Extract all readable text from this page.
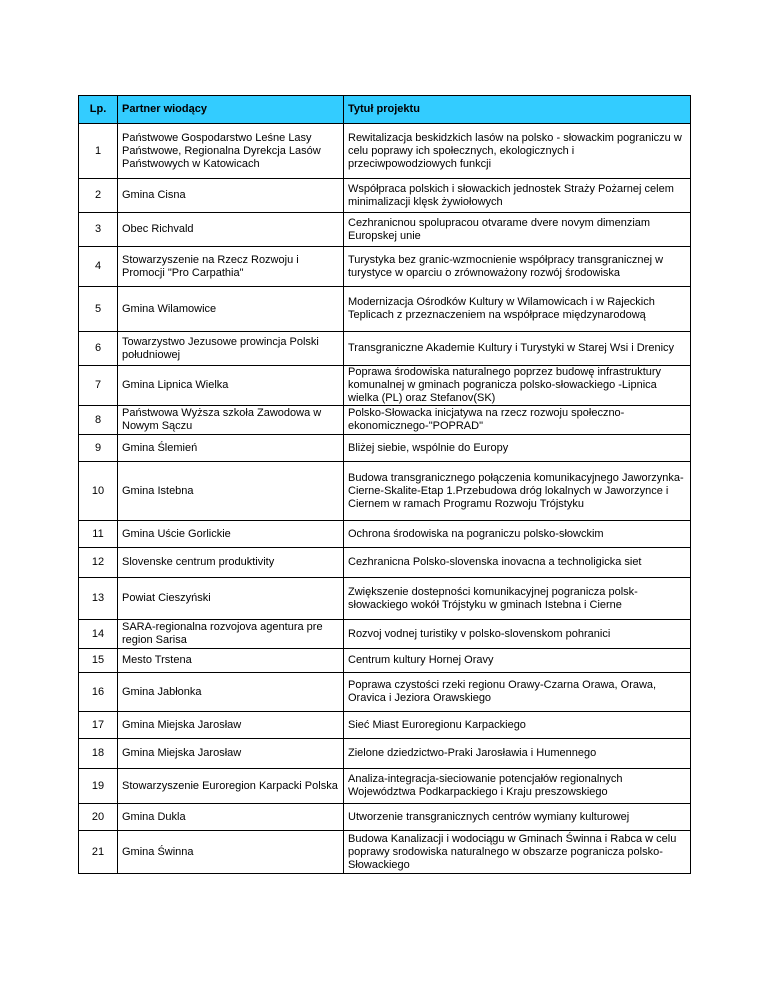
Lp.	Partner wiodący	Tytuł projektu
1	Państwowe Gospodarstwo Leśne Lasy Państwowe, Regionalna Dyrekcja Lasów Państwowych w Katowicach	Rewitalizacja beskidzkich lasów na polsko - słowackim pograniczu w celu poprawy ich społecznych, ekologicznych i przeciwpowodziowych funkcji
2	Gmina Cisna	Współpraca polskich i słowackich jednostek Straży Pożarnej celem minimalizacji klęsk żywiołowych
3	Obec Richvald	Cezhranicnou spolupracou otvarame dvere novym dimenziam Europskej unie
4	Stowarzyszenie na Rzecz Rozwoju i Promocji "Pro Carpathia"	Turystyka bez granic-wzmocnienie współpracy transgranicznej w turystyce w oparciu o zrównoważony rozwój środowiska
5	Gmina Wilamowice	Modernizacja Ośrodków Kultury w Wilamowicach i w Rajeckich Teplicach z przeznaczeniem na współprace międzynarodową
6	Towarzystwo Jezusowe prowincja Polski południowej	Transgraniczne Akademie Kultury i Turystyki w Starej Wsi i Drenicy
7	Gmina Lipnica Wielka	Poprawa środowiska naturalnego poprzez budowę infrastruktury komunalnej w gminach pogranicza polsko-słowackiego -Lipnica wielka (PL) oraz Stefanov(SK)
8	Państwowa Wyższa szkoła Zawodowa w Nowym Sączu	Polsko-Słowacka inicjatywa na rzecz rozwoju społeczno-ekonomicznego-"POPRAD"
9	Gmina Ślemień	Bliżej siebie, wspólnie do Europy
10	Gmina Istebna	Budowa transgranicznego połączenia komunikacyjnego Jaworzynka-Cierne-Skalite-Etap 1.Przebudowa dróg lokalnych w Jaworzynce i Ciernem w ramach Programu Rozwoju Trójstyku
11	Gmina Uście Gorlickie	Ochrona środowiska na pograniczu polsko-słowckim
12	Slovenske centrum produktivity	Cezhranicna Polsko-slovenska inovacna a technoligicka siet
13	Powiat Cieszyński	Zwiększenie dostepności komunikacyjnej pogranicza polsk-słowackiego wokół Trójstyku w gminach Istebna i Cierne
14	SARA-regionalna rozvojova agentura pre region Sarisa	Rozvoj vodnej turistiky v polsko-slovenskom pohranici
15	Mesto Trstena	Centrum kultury Hornej Oravy
16	Gmina Jabłonka	Poprawa czystości rzeki regionu Orawy-Czarna Orawa, Orawa, Oravica i Jeziora Orawskiego
17	Gmina Miejska Jarosław	Sieć Miast Euroregionu Karpackiego
18	Gmina Miejska Jarosław	Zielone dziedzictwo-Praki Jarosławia i Humennego
19	Stowarzyszenie Euroregion Karpacki Polska	Analiza-integracja-sieciowanie potencjałów regionalnych Województwa Podkarpackiego i Kraju preszowskiego
20	Gmina Dukla	Utworzenie transgranicznych centrów wymiany kulturowej
21	Gmina Świnna	Budowa Kanalizacji i wodociągu w Gminach Świnna i Rabca w celu poprawy srodowiska naturalnego w obszarze pogranicza polsko-Słowackiego
